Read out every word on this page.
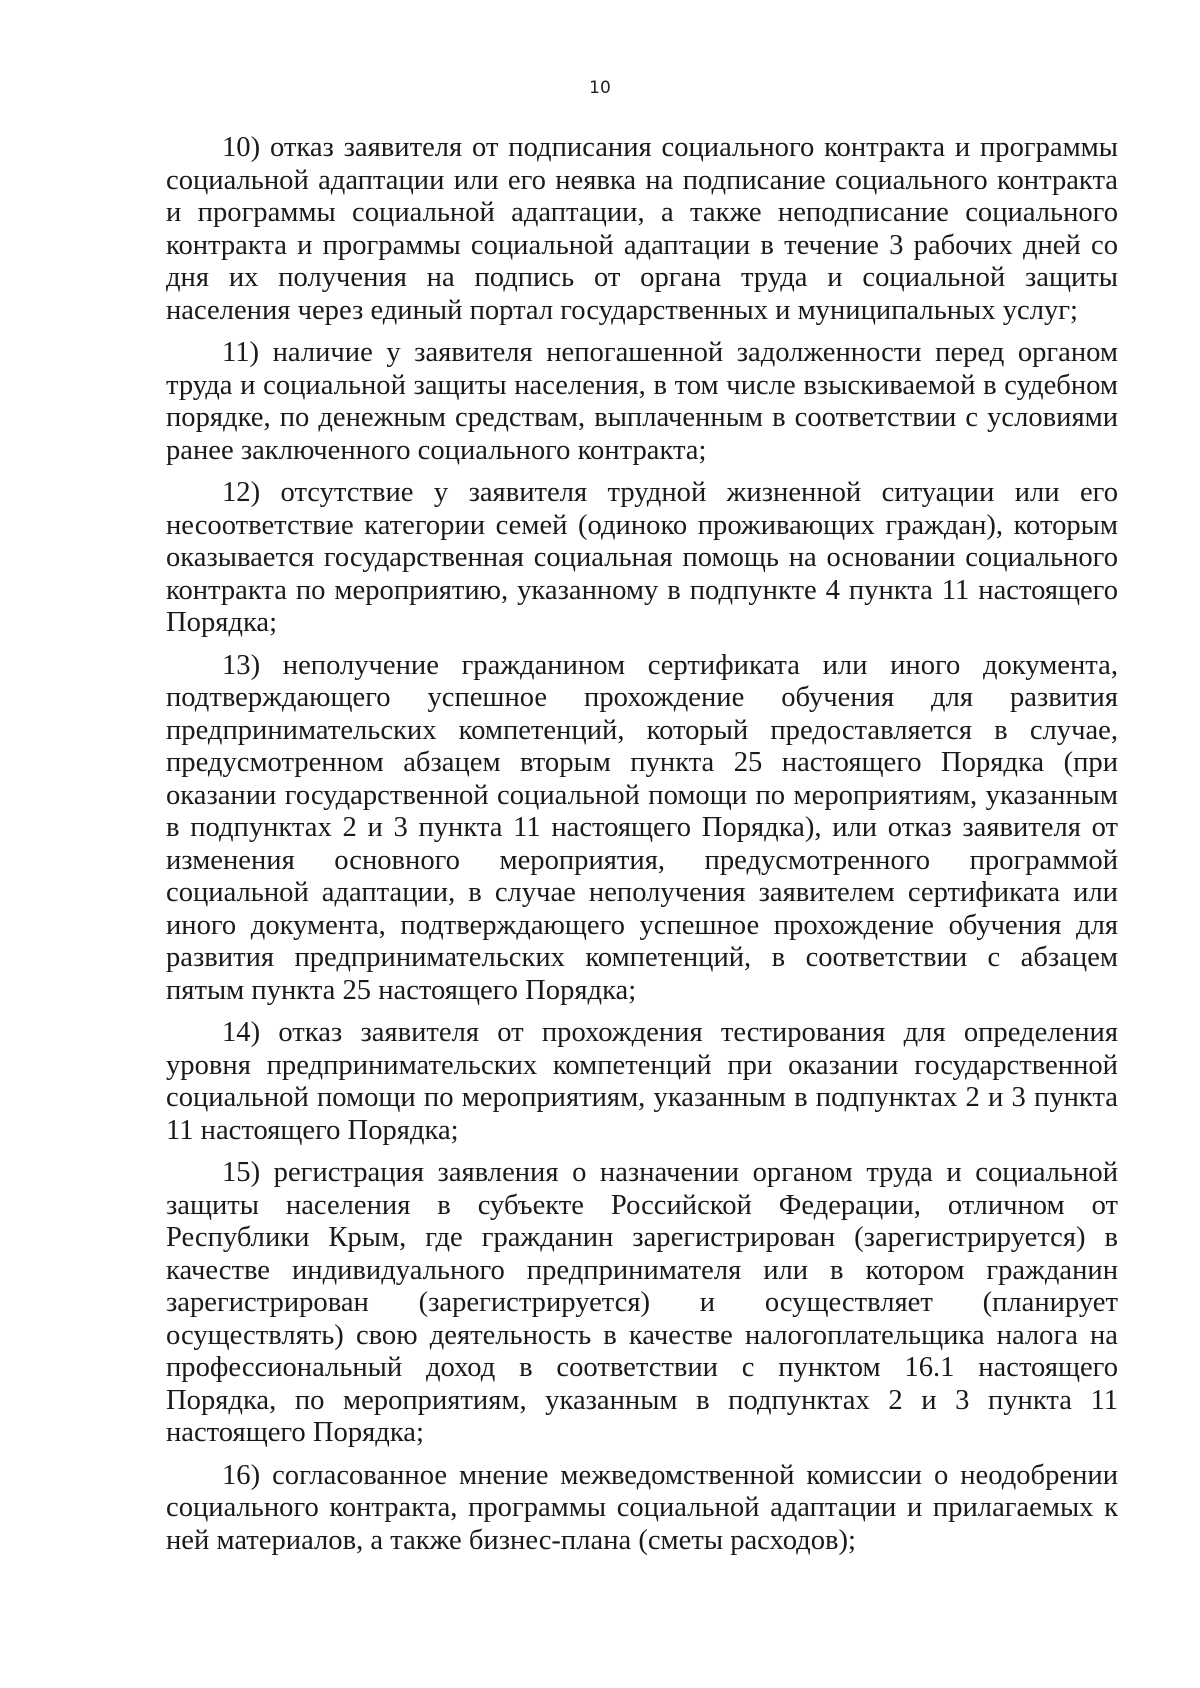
10

10) отказ заявителя от подписания социального контракта и программы социальной адаптации или его неявка на подписание социального контракта и программы социальной адаптации, а также неподписание социального контракта и программы социальной адаптации в течение 3 рабочих дней со дня их получения на подпись от органа труда и социальной защиты населения через единый портал государственных и муниципальных услуг;

11) наличие у заявителя непогашенной задолженности перед органом труда и социальной защиты населения, в том числе взыскиваемой в судебном порядке, по денежным средствам, выплаченным в соответствии с условиями ранее заключенного социального контракта;

12) отсутствие у заявителя трудной жизненной ситуации или его несоответствие категории семей (одиноко проживающих граждан), которым оказывается государственная социальная помощь на основании социального контракта по мероприятию, указанному в подпункте 4 пункта 11 настоящего Порядка;

13) неполучение гражданином сертификата или иного документа, подтверждающего успешное прохождение обучения для развития предпринимательских компетенций, который предоставляется в случае, предусмотренном абзацем вторым пункта 25 настоящего Порядка (при оказании государственной социальной помощи по мероприятиям, указанным в подпунктах 2 и 3 пункта 11 настоящего Порядка), или отказ заявителя от изменения основного мероприятия, предусмотренного программой социальной адаптации, в случае неполучения заявителем сертификата или иного документа, подтверждающего успешное прохождение обучения для развития предпринимательских компетенций, в соответствии с абзацем пятым пункта 25 настоящего Порядка;

14) отказ заявителя от прохождения тестирования для определения уровня предпринимательских компетенций при оказании государственной социальной помощи по мероприятиям, указанным в подпунктах 2 и 3 пункта 11 настоящего Порядка;

15) регистрация заявления о назначении органом труда и социальной защиты населения в субъекте Российской Федерации, отличном от Республики Крым, где гражданин зарегистрирован (зарегистрируется) в качестве индивидуального предпринимателя или в котором гражданин зарегистрирован (зарегистрируется) и осуществляет (планирует осуществлять) свою деятельность в качестве налогоплательщика налога на профессиональный доход в соответствии с пунктом 16.1 настоящего Порядка, по мероприятиям, указанным в подпунктах 2 и 3 пункта 11 настоящего Порядка;

16) согласованное мнение межведомственной комиссии о неодобрении социального контракта, программы социальной адаптации и прилагаемых к ней материалов, а также бизнес-плана (сметы расходов);
